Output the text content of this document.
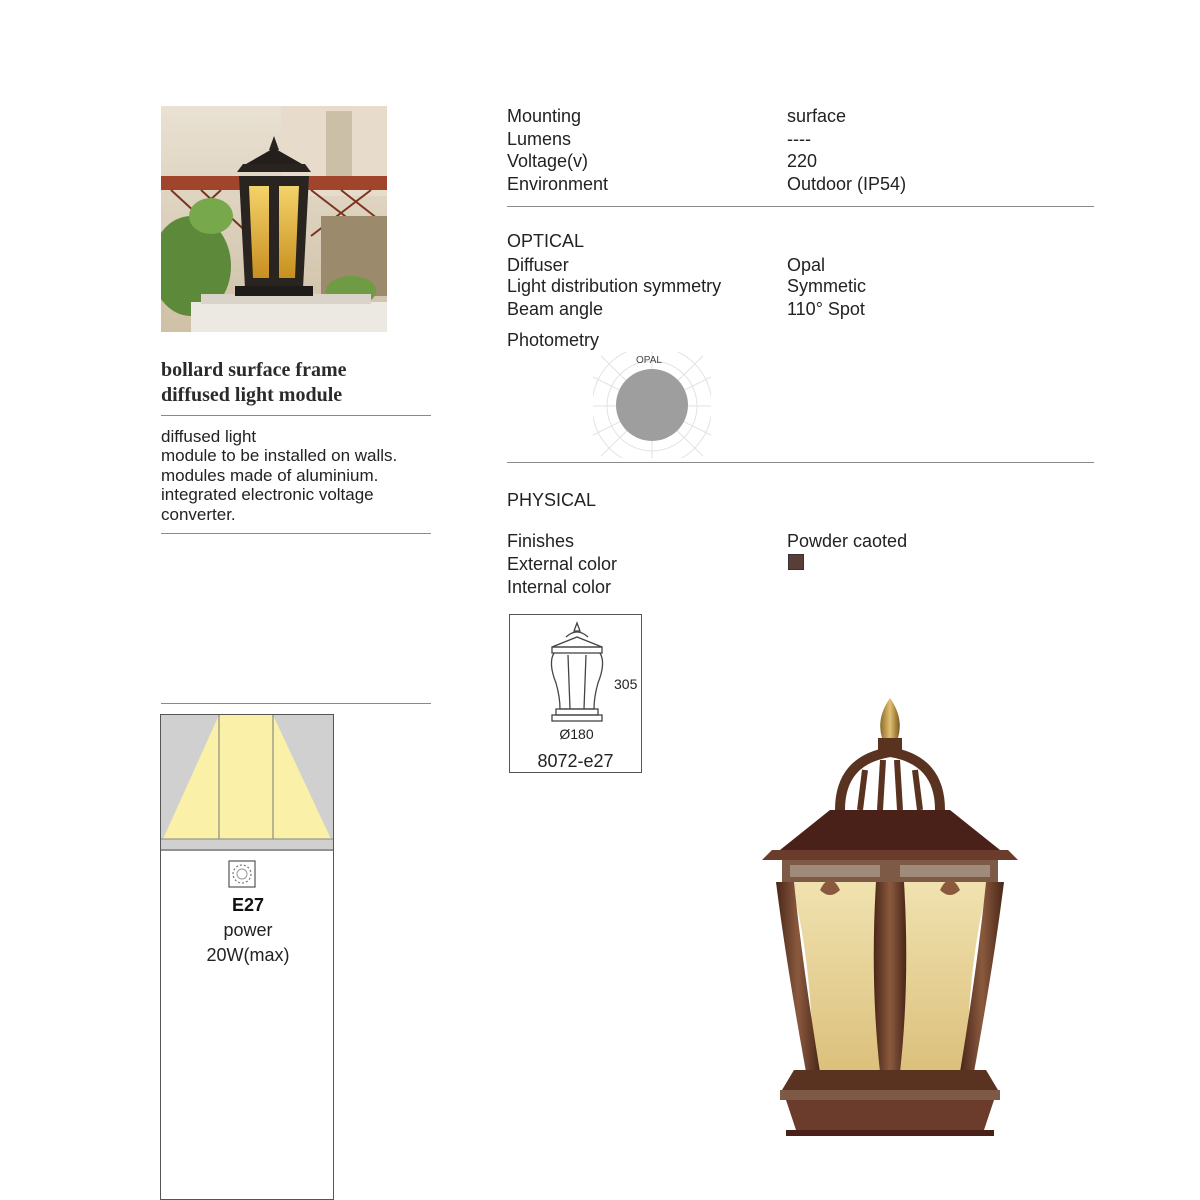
bollard surface frame
diffused light module
diffused light
module to be installed on walls.
modules made of aluminium.
integrated electronic voltage
converter.
E27
power
20W(max)
Mounting	surface
Lumens	----
Voltage(v)	220
Environment	Outdoor (IP54)
OPTICAL
Diffuser	Opal
Light distribution symmetry	Symmetic
Beam angle	110° Spot
Photometry
OPAL
PHYSICAL
Finishes	Powder caoted
External color
Internal color
305
Ø180
8072-e27
